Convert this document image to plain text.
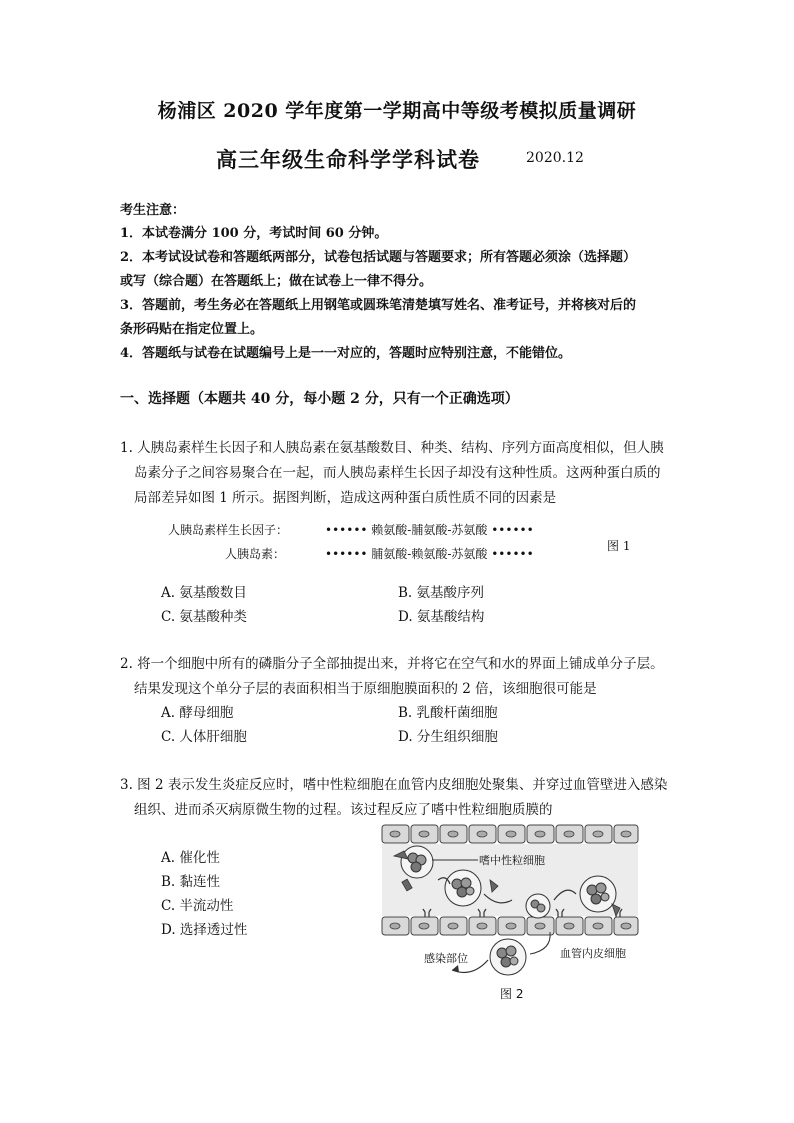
杨浦区 2020 学年度第一学期高中等级考模拟质量调研
高三年级生命科学学科试卷	2020.12
考生注意：
1．本试卷满分 100 分，考试时间 60 分钟。
2．本考试设试卷和答题纸两部分，试卷包括试题与答题要求；所有答题必须涂（选择题）
或写（综合题）在答题纸上；做在试卷上一律不得分。
3．答题前，考生务必在答题纸上用钢笔或圆珠笔清楚填写姓名、准考证号，并将核对后的
条形码贴在指定位置上。
4．答题纸与试卷在试题编号上是一一对应的，答题时应特别注意，不能错位。
一、选择题（本题共 40 分，每小题 2 分，只有一个正确选项）
1. 人胰岛素样生长因子和人胰岛素在氨基酸数目、种类、结构、序列方面高度相似，但人胰
岛素分子之间容易聚合在一起，而人胰岛素样生长因子却没有这种性质。这两种蛋白质的
局部差异如图 1 所示。据图判断，造成这两种蛋白质性质不同的因素是
人胰岛素样生长因子：	•••••• 赖氨酸-脯氨酸-苏氨酸 ••••••
人胰岛素：	•••••• 脯氨酸-赖氨酸-苏氨酸 ••••••
图 1
A. 氨基酸数目	B. 氨基酸序列
C. 氨基酸种类	D. 氨基酸结构
2. 将一个细胞中所有的磷脂分子全部抽提出来，并将它在空气和水的界面上铺成单分子层。
结果发现这个单分子层的表面积相当于原细胞膜面积的 2 倍，该细胞很可能是
A. 酵母细胞	B. 乳酸杆菌细胞
C. 人体肝细胞	D. 分生组织细胞
3. 图 2 表示发生炎症反应时，嗜中性粒细胞在血管内皮细胞处聚集、并穿过血管壁进入感染
组织、进而杀灭病原微生物的过程。该过程反应了嗜中性粒细胞质膜的
A. 催化性
B. 黏连性
C. 半流动性
D. 选择透过性
嗜中性粒细胞
感染部位	血管内皮细胞
图 2
